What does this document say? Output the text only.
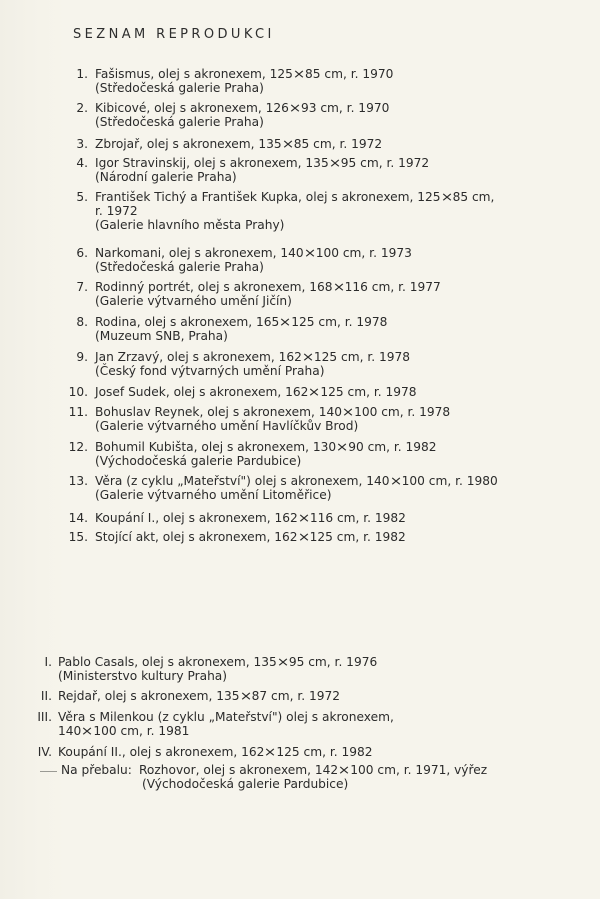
SEZNAM REPRODUKCI
1. Fašismus, olej s akronexem, 125×85 cm, r. 1970
(Středočeská galerie Praha)
2. Kibicové, olej s akronexem, 126×93 cm, r. 1970
(Středočeská galerie Praha)
3. Zbrojař, olej s akronexem, 135×85 cm, r. 1972
4. Igor Stravinskij, olej s akronexem, 135×95 cm, r. 1972
(Národní galerie Praha)
5. František Tichý a František Kupka, olej s akronexem, 125×85 cm,
r. 1972
(Galerie hlavního města Prahy)
6. Narkomani, olej s akronexem, 140×100 cm, r. 1973
(Středočeská galerie Praha)
7. Rodinný portrét, olej s akronexem, 168×116 cm, r. 1977
(Galerie výtvarného umění Jičín)
8. Rodina, olej s akronexem, 165×125 cm, r. 1978
(Muzeum SNB, Praha)
9. Jan Zrzavý, olej s akronexem, 162×125 cm, r. 1978
(Český fond výtvarných umění Praha)
10. Josef Sudek, olej s akronexem, 162×125 cm, r. 1978
11. Bohuslav Reynek, olej s akronexem, 140×100 cm, r. 1978
(Galerie výtvarného umění Havlíčkův Brod)
12. Bohumil Kubišta, olej s akronexem, 130×90 cm, r. 1982
(Východočeská galerie Pardubice)
13. Věra (z cyklu „Mateřství") olej s akronexem, 140×100 cm, r. 1980
(Galerie výtvarného umění Litoměřice)
14. Koupání I., olej s akronexem, 162×116 cm, r. 1982
15. Stojící akt, olej s akronexem, 162×125 cm, r. 1982
I. Pablo Casals, olej s akronexem, 135×95 cm, r. 1976
(Ministerstvo kultury Praha)
II. Rejdař, olej s akronexem, 135×87 cm, r. 1972
III. Věra s Milenkou (z cyklu „Mateřství") olej s akronexem,
140×100 cm, r. 1981
IV. Koupání II., olej s akronexem, 162×125 cm, r. 1982
Na přebalu: Rozhovor, olej s akronexem, 142×100 cm, r. 1971, výřez
(Východočeská galerie Pardubice)
